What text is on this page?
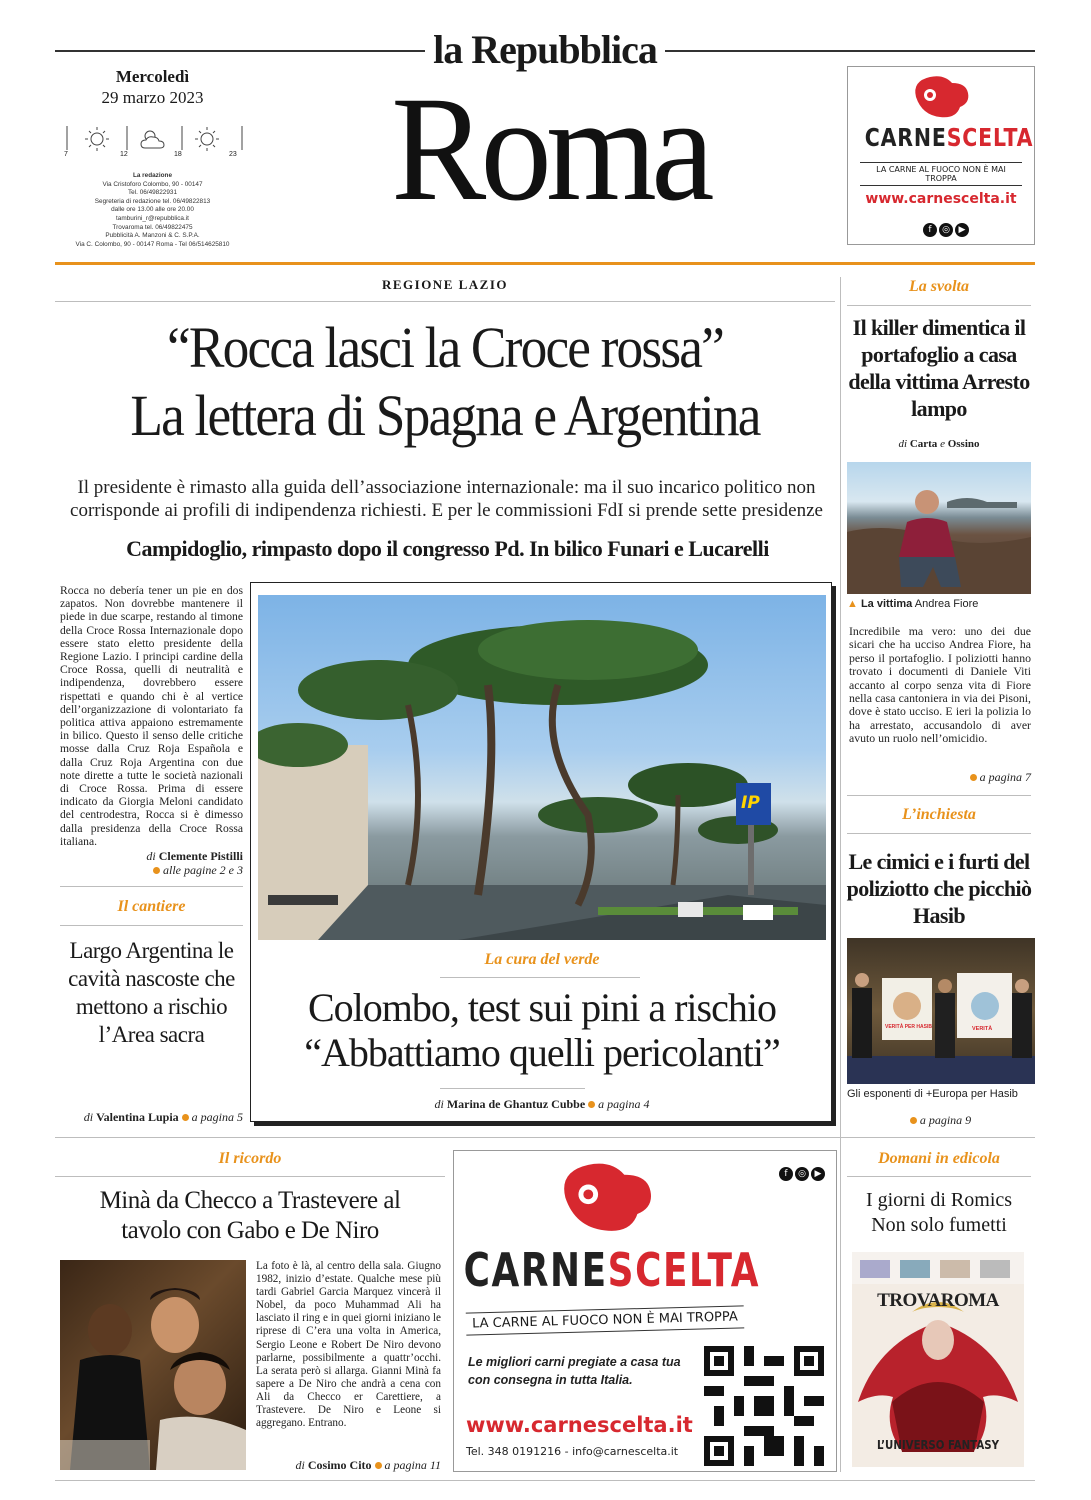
la Repubblica
Mercoledì
29 marzo 2023
7	12	18	23
La redazione
Via Cristoforo Colombo, 90 - 00147
Tel. 06/49822931
Segreteria di redazione tel. 06/49822813
dalle ore 13.00 alle ore 20.00
tamburini_r@repubblica.it
Trovaroma tel. 06/49822475
Pubblicità A. Manzoni & C. S.P.A.
Via C. Colombo, 90 - 00147 Roma - Tel 06/514625810
Roma	CARNESCELTA
LA CARNE AL FUOCO NON È MAI TROPPA
www.carnescelta.it
f ◎ ▶
REGIONE LAZIO
“Rocca lasci la Croce rossa”
La lettera di Spagna e Argentina
Il presidente è rimasto alla guida dell’associazione internazionale: ma il suo incarico politico non corrisponde ai profili di indipendenza richiesti. E per le commissioni FdI si prende sette presidenze
Campidoglio, rimpasto dopo il congresso Pd. In bilico Funari e Lucarelli
Rocca no debería tener un pie en dos zapatos. Non dovrebbe mantenere il piede in due scarpe, restando al timone della Croce Rossa Internazionale dopo essere stato eletto presidente della Regione Lazio. I principi cardine della Croce Rossa, quelli di neutralità e indipendenza, dovrebbero essere rispettati e quando chi è al vertice dell’organizzazione di volontariato fa politica attiva appaiono estremamente in bilico. Questo il senso delle critiche mosse dalla Cruz Roja Española e dalla Cruz Roja Argentina con due note dirette a tutte le società nazionali di Croce Rossa. Prima di essere indicato da Giorgia Meloni candidato del centrodestra, Rocca si è dimesso dalla presidenza della Croce Rossa italiana.
di Clemente Pistilli
alle pagine 2 e 3
Il cantiere
Largo Argentina le cavità nascoste che mettono a rischio l’Area sacra
di Valentina Lupia a pagina 5
IP
La cura del verde
Colombo, test sui pini a rischio
“Abbattiamo quelli pericolanti”
di Marina de Ghantuz Cubbe a pagina 4
La svolta
Il killer dimentica il portafoglio a casa della vittima Arresto lampo
di Carta e Ossino
▲ La vittima Andrea Fiore
Incredibile ma vero: uno dei due sicari che ha ucciso Andrea Fiore, ha perso il portafoglio. I poliziotti hanno trovato i documenti di Daniele Viti accanto al corpo senza vita di Fiore nella casa cantoniera in via dei Pisoni, dove è stato ucciso. E ieri la polizia lo ha arrestato, accusandolo di aver avuto un ruolo nell’omicidio.
a pagina 7
L’inchiesta
Le cimici e i furti del poliziotto che picchiò Hasib
VERITÀ PER HASIB	VERITÀ
Gli esponenti di +Europa per Hasib
a pagina 9
Il ricordo
Minà da Checco a Trastevere al tavolo con Gabo e De Niro
La foto è là, al centro della sala. Giugno 1982, inizio d’estate. Qualche mese più tardi Gabriel Garcia Marquez vincerà il Nobel, da poco Muhammad Ali ha lasciato il ring e in quei giorni iniziano le riprese di C’era una volta in America, Sergio Leone e Robert De Niro devono parlarne, possibilmente a quattr’occhi. La serata però si allarga. Gianni Minà fa sapere a De Niro che andrà a cena con Ali da Checco er Carettiere, a Trastevere. De Niro e Leone si aggregano. Entrano.
di Cosimo Cito a pagina 11
f ◎ ▶
CARNESCELTA
LA CARNE AL FUOCO NON È MAI TROPPA
Le migliori carni pregiate a casa tua con consegna in tutta Italia.
www.carnescelta.it
Tel. 348 0191216 - info@carnescelta.it
Domani in edicola
I giorni di Romics
Non solo fumetti
TROVAROMA
L’UNIVERSO FANTASY
